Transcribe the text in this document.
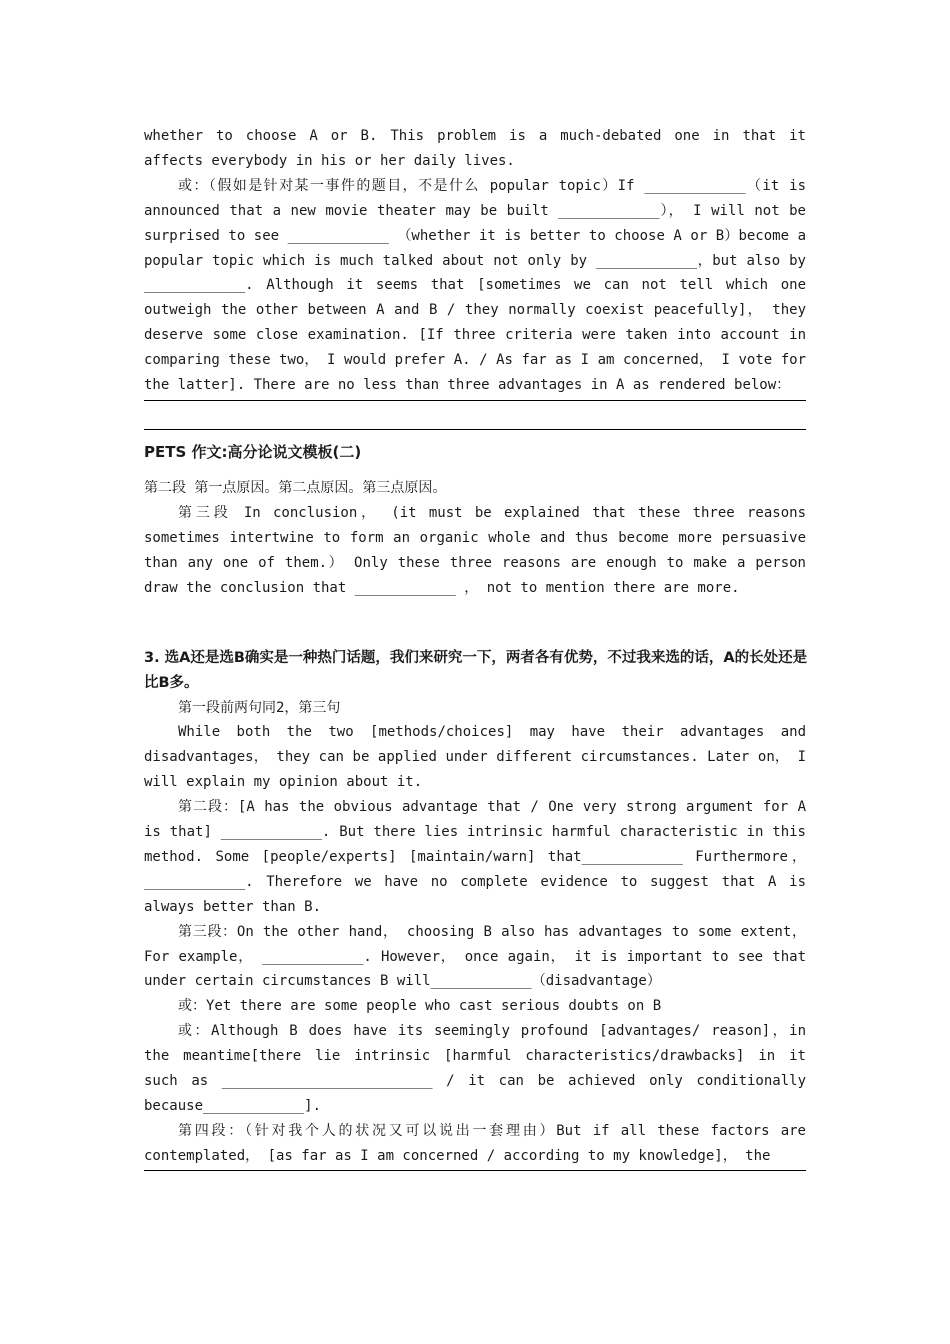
whether to choose A or B. This problem is a much-debated one in that it affects everybody in his or her daily lives.

或：（假如是针对某一事件的题目，不是什么 popular topic）If ____________（it is announced that a new movie theater may be built ____________）， I will not be surprised to see ____________ （whether it is better to choose A or B）become a popular topic which is much talked about not only by ____________，but also by ____________. Although it seems that [sometimes we can not tell which one outweigh the other between A and B / they normally coexist peacefully]， they deserve some close examination. [If three criteria were taken into account in comparing these two， I would prefer A. / As far as I am concerned， I vote for the latter]. There are no less than three advantages in A as rendered below：

PETS 作文:高分论说文模板(二)

第二段 第一点原因。第二点原因。第三点原因。

第三段 In conclusion， (it must be explained that these three reasons sometimes intertwine to form an organic whole and thus become more persuasive than any one of them.） Only these three reasons are enough to make a person draw the conclusion that ____________ ， not to mention there are more.

3. 选A还是选B确实是一种热门话题，我们来研究一下，两者各有优势，不过我来选的话，A的长处还是比B多。

第一段前两句同2，第三句

While both the two [methods/choices] may have their advantages and disadvantages， they can be applied under different circumstances. Later on， I will explain my opinion about it.

第二段：[A has the obvious advantage that / One very strong argument for A is that] ____________. But there lies intrinsic harmful characteristic in this method. Some [people/experts] [maintain/warn] that____________ Furthermore，____________. Therefore we have no complete evidence to suggest that A is always better than B.

第三段：On the other hand， choosing B also has advantages to some extent，For example， ____________. However， once again， it is important to see that under certain circumstances B will____________（disadvantage）

或：Yet there are some people who cast serious doubts on B

或：Although B does have its seemingly profound [advantages/ reason]，in the meantime[there lie intrinsic [harmful characteristics/drawbacks] in it such as _________________________ / it can be achieved only conditionally because____________].

第四段：（针对我个人的状况又可以说出一套理由）But if all these factors are contemplated， [as far as I am concerned / according to my knowledge]， the
